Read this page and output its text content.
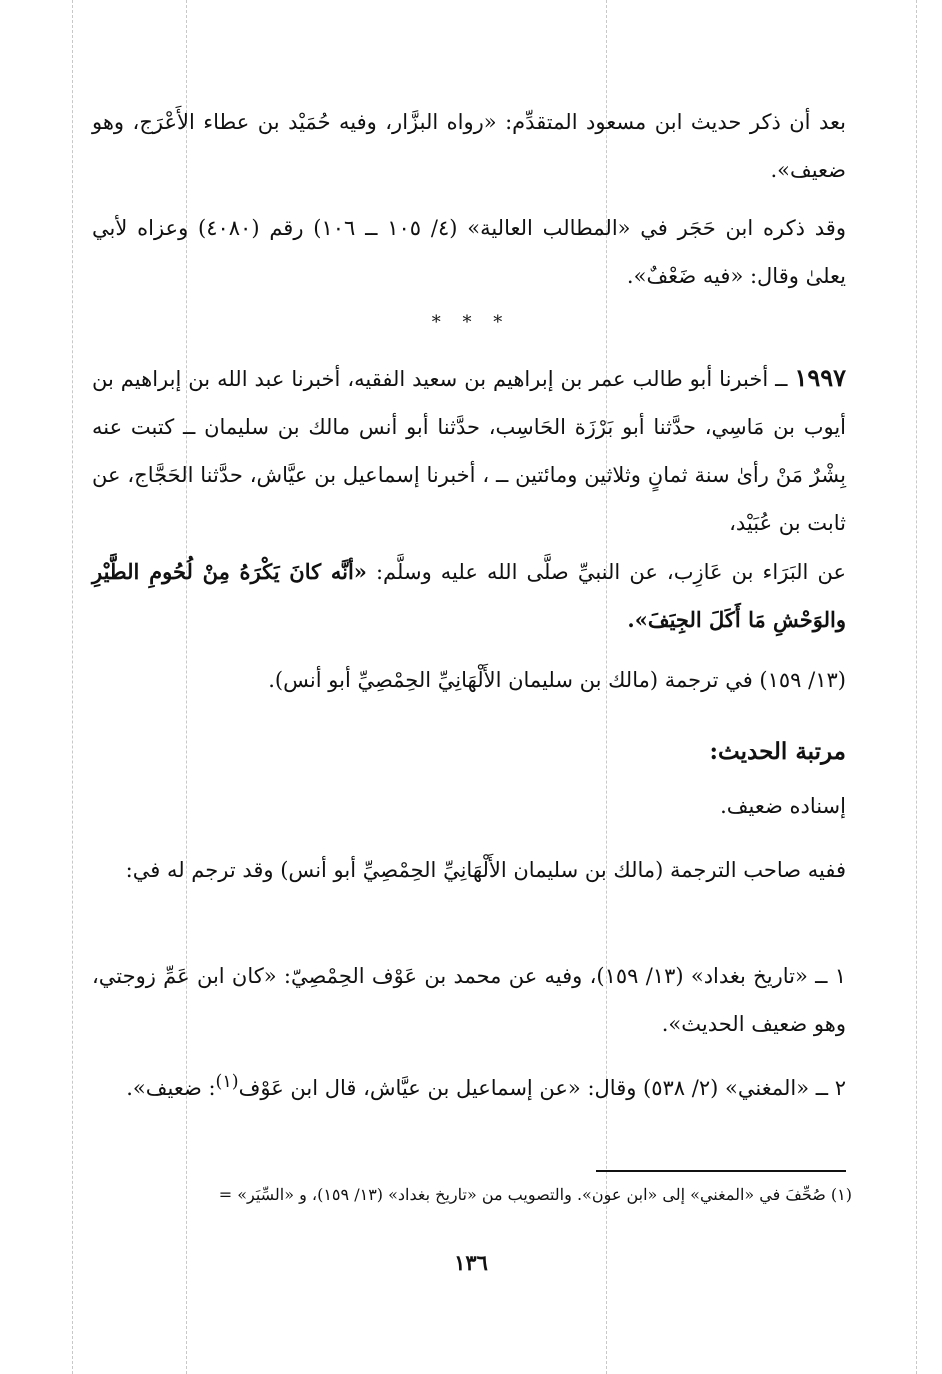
بعد أن ذكر حديث ابن مسعود المتقدِّم: «رواه البزَّار، وفيه حُمَيْد بن عطاء الأَعْرَج، وهو ضعيف».
وقد ذكره ابن حَجَر في «المطالب العالية» (٤/ ١٠٥ ــ ١٠٦) رقم (٤٠٨٠) وعزاه لأبي يعلىٰ وقال: «فيه ضَعْفٌ».
* * *
١٩٩٧ ــ أخبرنا أبو طالب عمر بن إبراهيم بن سعيد الفقيه، أخبرنا عبد الله بن إبراهيم بن أيوب بن مَاسِي، حدَّثنا أبو بَرْزَة الحَاسِب، حدَّثنا أبو أنس مالك بن سليمان ــ كتبت عنه بِشْرٌ مَنْ رأىٰ سنة ثمانٍ وثلاثين ومائتين ــ ، أخبرنا إسماعيل بن عيَّاش، حدَّثنا الحَجَّاج، عن ثابت بن عُبَيْد،
عن البَرَاء بن عَازِب، عن النبيِّ صلَّى الله عليه وسلَّم: «أنَّه كانَ يَكْرَهُ مِنْ لُحُومِ الطَّيْرِ والوَحْشِ مَا أَكَلَ الجِيَفَ».
(١٣/ ١٥٩) في ترجمة (مالك بن سليمان الأَلْهَانِيِّ الحِمْصِيِّ أبو أنس).
مرتبة الحديث:
إسناده ضعيف.
ففيه صاحب الترجمة (مالك بن سليمان الأَلْهَانِيِّ الحِمْصِيِّ أبو أنس) وقد ترجم له في:
١ ــ «تاريخ بغداد» (١٣/ ١٥٩)، وفيه عن محمد بن عَوْف الحِمْصِيّ: «كان ابن عَمِّ زوجتي، وهو ضعيف الحديث».
٢ ــ «المغني» (٢/ ٥٣٨) وقال: «عن إسماعيل بن عيَّاش، قال ابن عَوْف$^{(١)}$: ضعيف».
(١) صُحِّفَ في «المغني» إلى «ابن عون». والتصويب من «تاريخ بغداد» (١٣/ ١٥٩)، و «السِّيَر» =
١٣٦
